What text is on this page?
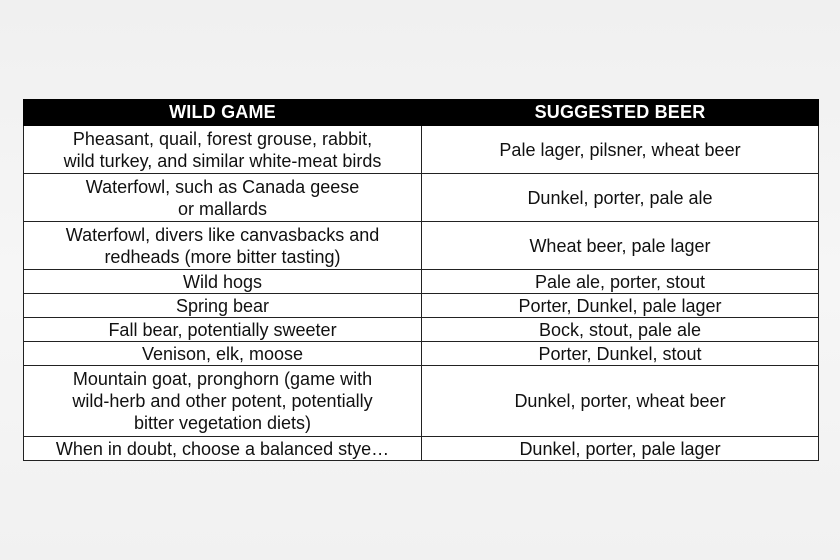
WILD GAME	SUGGESTED BEER

Pheasant, quail, forest grouse, rabbit,
wild turkey, and similar white-meat birds	Pale lager, pilsner, wheat beer

Waterfowl, such as Canada geese
or mallards	Dunkel, porter, pale ale

Waterfowl, divers like canvasbacks and
redheads (more bitter tasting)	Wheat beer, pale lager

Wild hogs	Pale ale, porter, stout

Spring bear	Porter, Dunkel, pale lager

Fall bear, potentially sweeter	Bock, stout, pale ale

Venison, elk, moose	Porter, Dunkel, stout

Mountain goat, pronghorn (game with
wild-herb and other potent, potentially
bitter vegetation diets)	Dunkel, porter, wheat beer

When in doubt, choose a balanced stye…	Dunkel, porter, pale lager
